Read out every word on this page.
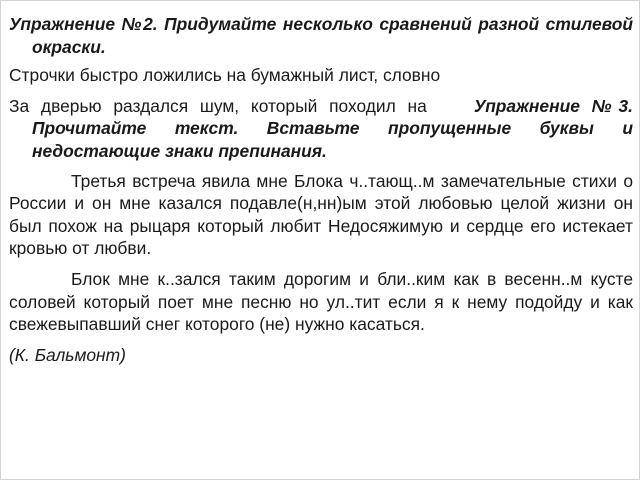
Упражнение №2. Придумайте несколько сравнений разной стилевой окраски.

Строчки быстро ложились на бумажный лист, словно

За дверью раздался шум, который походил на	Упражнение №3. Прочитайте текст. Вставьте пропущенные буквы и недостающие знаки препинания.

Третья встреча явила мне Блока ч..тающ..м замечательные стихи о России и он мне казался подавле(н,нн)ым этой любовью целой жизни он был похож на рыцаря который любит Недосяжимую и сердце его истекает кровью от любви.

Блок мне к..зался таким дорогим и бли..ким как в весенн..м кусте соловей который поет мне песню но ул..тит если я к нему подойду и как свежевыпавший снег которого (не) нужно касаться.

(К. Бальмонт)
